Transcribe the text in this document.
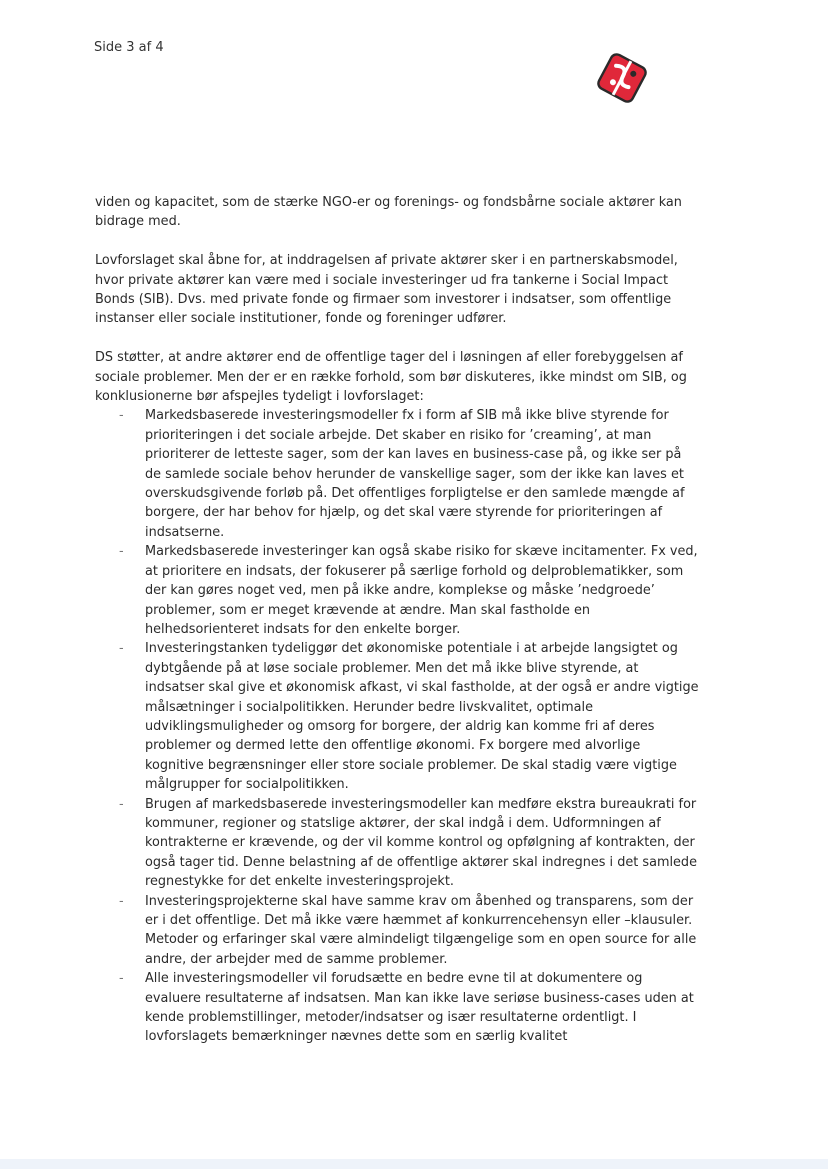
Side 3 af 4

viden og kapacitet, som de stærke NGO-er og forenings- og fondsbårne sociale aktører kan bidrage med.

Lovforslaget skal åbne for, at inddragelsen af private aktører sker i en partnerskabsmodel, hvor private aktører kan være med i sociale investeringer ud fra tankerne i Social Impact Bonds (SIB). Dvs. med private fonde og firmaer som investorer i indsatser, som offentlige instanser eller sociale institutioner, fonde og foreninger udfører.

DS støtter, at andre aktører end de offentlige tager del i løsningen af eller forebyggelsen af sociale problemer. Men der er en række forhold, som bør diskuteres, ikke mindst om SIB, og konklusionerne bør afspejles tydeligt i lovforslaget:

- Markedsbaserede investeringsmodeller fx i form af SIB må ikke blive styrende for prioriteringen i det sociale arbejde. Det skaber en risiko for ’creaming’, at man prioriterer de letteste sager, som der kan laves en business-case på, og ikke ser på de samlede sociale behov herunder de vanskellige sager, som der ikke kan laves et overskudsgivende forløb på. Det offentliges forpligtelse er den samlede mængde af borgere, der har behov for hjælp, og det skal være styrende for prioriteringen af indsatserne.
- Markedsbaserede investeringer kan også skabe risiko for skæve incitamenter. Fx ved, at prioritere en indsats, der fokuserer på særlige forhold og delproblematikker, som der kan gøres noget ved, men på ikke andre, komplekse og måske ’nedgroede’ problemer, som er meget krævende at ændre. Man skal fastholde en helhedsorienteret indsats for den enkelte borger.
- Investeringstanken tydeliggør det økonomiske potentiale i at arbejde langsigtet og dybtgående på at løse sociale problemer. Men det må ikke blive styrende, at indsatser skal give et økonomisk afkast, vi skal fastholde, at der også er andre vigtige målsætninger i socialpolitikken. Herunder bedre livskvalitet, optimale udviklingsmuligheder og omsorg for borgere, der aldrig kan komme fri af deres problemer og dermed lette den offentlige økonomi. Fx borgere med alvorlige kognitive begrænsninger eller store sociale problemer. De skal stadig være vigtige målgrupper for socialpolitikken.
- Brugen af markedsbaserede investeringsmodeller kan medføre ekstra bureaukrati for kommuner, regioner og statslige aktører, der skal indgå i dem. Udformningen af kontrakterne er krævende, og der vil komme kontrol og opfølgning af kontrakten, der også tager tid. Denne belastning af de offentlige aktører skal indregnes i det samlede regnestykke for det enkelte investeringsprojekt.
- Investeringsprojekterne skal have samme krav om åbenhed og transparens, som der er i det offentlige. Det må ikke være hæmmet af konkurrencehensyn eller –klausuler. Metoder og erfaringer skal være almindeligt tilgængelige som en open source for alle andre, der arbejder med de samme problemer.
- Alle investeringsmodeller vil forudsætte en bedre evne til at dokumentere og evaluere resultaterne af indsatsen. Man kan ikke lave seriøse business-cases uden at kende problemstillinger, metoder/indsatser og især resultaterne ordentligt. I lovforslagets bemærkninger nævnes dette som en særlig kvalitet
